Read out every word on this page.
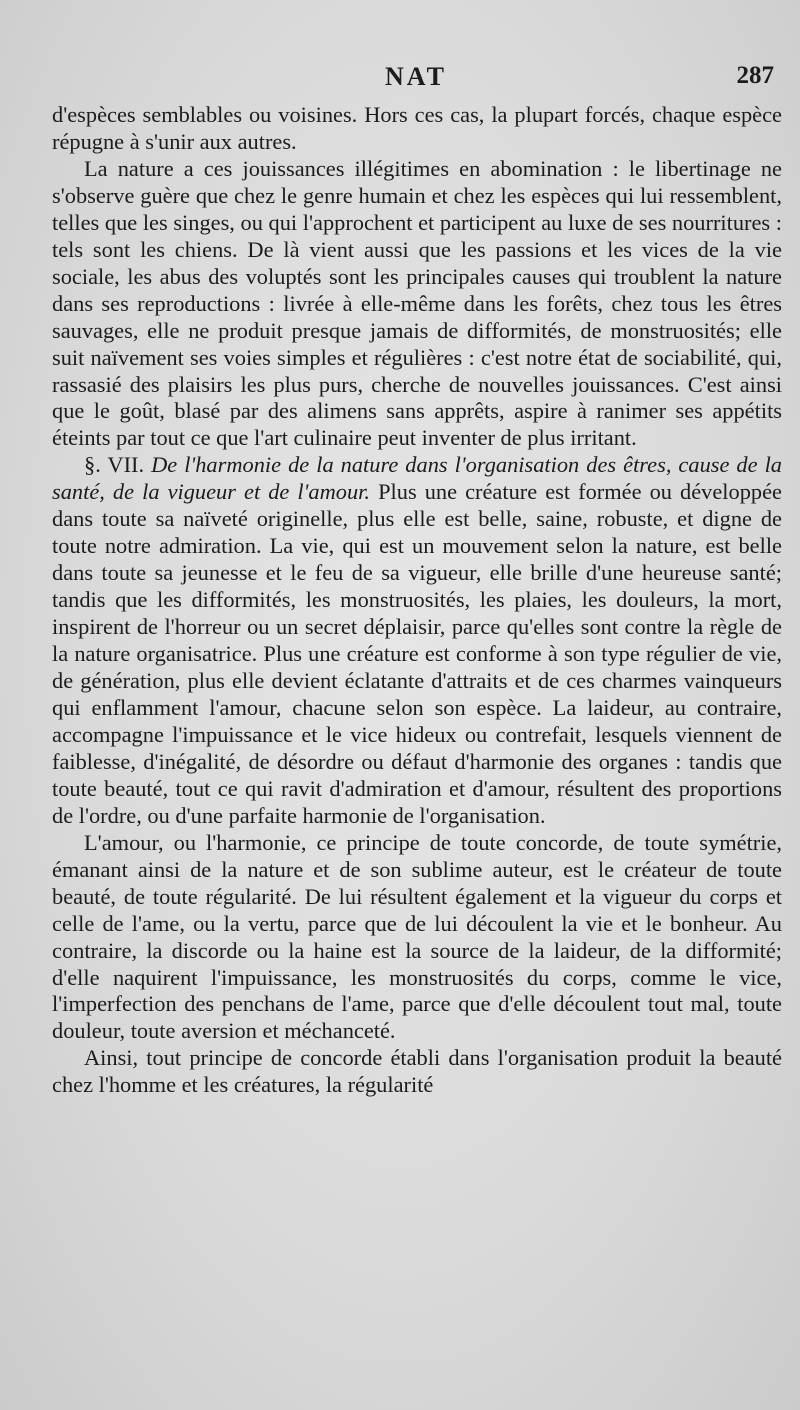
NAT	287

d'espèces semblables ou voisines. Hors ces cas, la plupart forcés, chaque espèce répugne à s'unir aux autres.

La nature a ces jouissances illégitimes en abomination : le libertinage ne s'observe guère que chez le genre humain et chez les espèces qui lui ressemblent, telles que les singes, ou qui l'approchent et participent au luxe de ses nourritures : tels sont les chiens. De là vient aussi que les passions et les vices de la vie sociale, les abus des voluptés sont les principales causes qui troublent la nature dans ses reproductions : livrée à elle-même dans les forêts, chez tous les êtres sauvages, elle ne produit presque jamais de difformités, de monstruosités; elle suit naïvement ses voies simples et régulières : c'est notre état de sociabilité, qui, rassasié des plaisirs les plus purs, cherche de nouvelles jouissances. C'est ainsi que le goût, blasé par des alimens sans apprêts, aspire à ranimer ses appétits éteints par tout ce que l'art culinaire peut inventer de plus irritant.

§. VII. De l'harmonie de la nature dans l'organisation des êtres, cause de la santé, de la vigueur et de l'amour. Plus une créature est formée ou développée dans toute sa naïveté originelle, plus elle est belle, saine, robuste, et digne de toute notre admiration. La vie, qui est un mouvement selon la nature, est belle dans toute sa jeunesse et le feu de sa vigueur, elle brille d'une heureuse santé; tandis que les difformités, les monstruosités, les plaies, les douleurs, la mort, inspirent de l'horreur ou un secret déplaisir, parce qu'elles sont contre la règle de la nature organisatrice. Plus une créature est conforme à son type régulier de vie, de génération, plus elle devient éclatante d'attraits et de ces charmes vainqueurs qui enflamment l'amour, chacune selon son espèce. La laideur, au contraire, accompagne l'impuissance et le vice hideux ou contrefait, lesquels viennent de faiblesse, d'inégalité, de désordre ou défaut d'harmonie des organes : tandis que toute beauté, tout ce qui ravit d'admiration et d'amour, résultent des proportions de l'ordre, ou d'une parfaite harmonie de l'organisation.

L'amour, ou l'harmonie, ce principe de toute concorde, de toute symétrie, émanant ainsi de la nature et de son sublime auteur, est le créateur de toute beauté, de toute régularité. De lui résultent également et la vigueur du corps et celle de l'ame, ou la vertu, parce que de lui découlent la vie et le bonheur. Au contraire, la discorde ou la haine est la source de la laideur, de la difformité; d'elle naquirent l'impuissance, les monstruosités du corps, comme le vice, l'imperfection des penchans de l'ame, parce que d'elle découlent tout mal, toute douleur, toute aversion et méchanceté.

Ainsi, tout principe de concorde établi dans l'organisation produit la beauté chez l'homme et les créatures, la régularité
